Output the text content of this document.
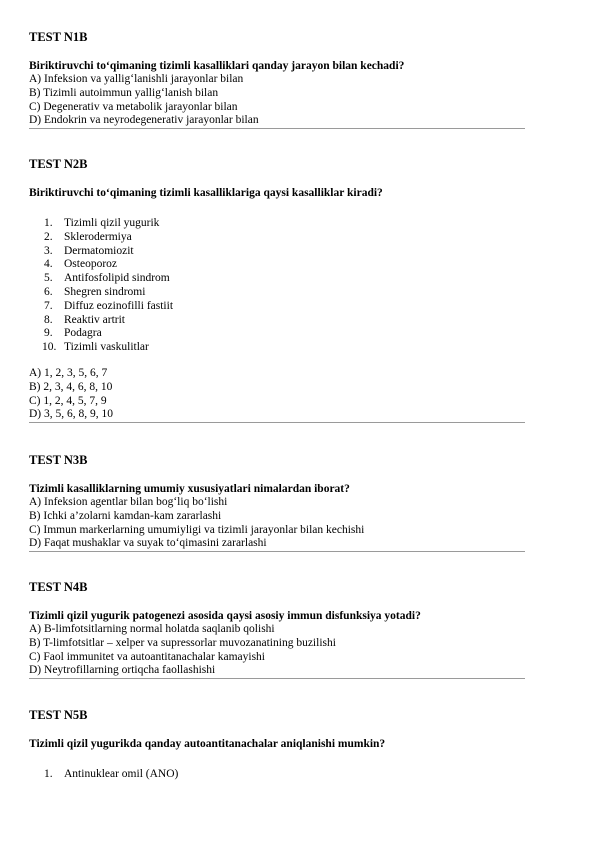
TEST N1B
Biriktiruvchi to‘qimaning tizimli kasalliklari qanday jarayon bilan kechadi?
A) Infeksion va yallig‘lanishli jarayonlar bilan
B) Tizimli autoimmun yallig‘lanish bilan
C) Degenerativ va metabolik jarayonlar bilan
D) Endokrin va neyrodegenerativ jarayonlar bilan
TEST N2B
Biriktiruvchi to‘qimaning tizimli kasalliklariga qaysi kasalliklar kiradi?
1. Tizimli qizil yugurik
2. Sklerodermiya
3. Dermatomiozit
4. Osteoporoz
5. Antifosfolipid sindrom
6. Shegren sindromi
7. Diffuz eozinofilli fastiit
8. Reaktiv artrit
9. Podagra
10. Tizimli vaskulitlar
A) 1, 2, 3, 5, 6, 7
B) 2, 3, 4, 6, 8, 10
C) 1, 2, 4, 5, 7, 9
D) 3, 5, 6, 8, 9, 10
TEST N3B
Tizimli kasalliklarning umumiy xususiyatlari nimalardan iborat?
A) Infeksion agentlar bilan bog‘liq bo‘lishi
B) Ichki a’zolarni kamdan-kam zararlashi
C) Immun markerlarning umumiyligi va tizimli jarayonlar bilan kechishi
D) Faqat mushaklar va suyak to‘qimasini zararlashi
TEST N4B
Tizimli qizil yugurik patogenezi asosida qaysi asosiy immun disfunksiya yotadi?
A) B-limfotsitlarning normal holatda saqlanib qolishi
B) T-limfotsitlar – xelper va supressorlar muvozanatining buzilishi
C) Faol immunitet va autoantitanachalar kamayishi
D) Neytrofillarning ortiqcha faollashishi
TEST N5B
Tizimli qizil yugurikda qanday autoantitanachalar aniqlanishi mumkin?
1. Antinuklear omil (ANO)
